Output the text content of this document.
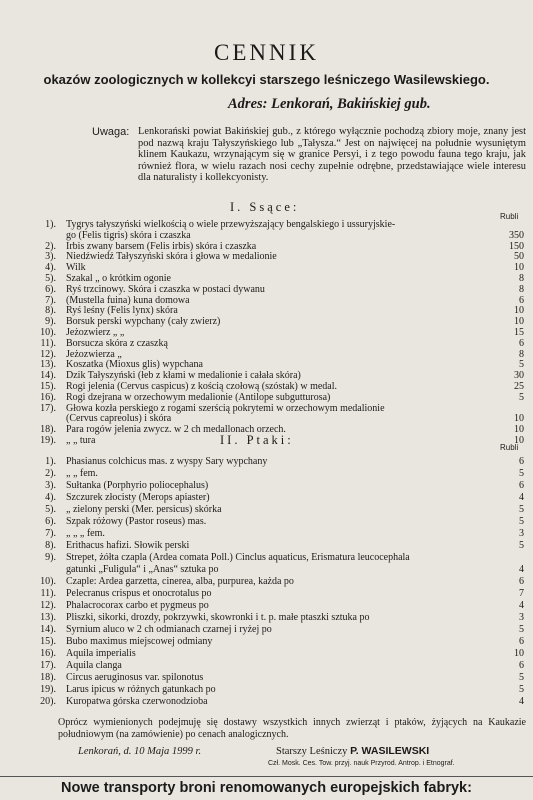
CENNIK
okazów zoologicznych w kollekcyi starszego leśniczego Wasilewskiego.
Adres: Lenkorań, Bakińskiej gub.
Uwaga: Lenkorański powiat Bakińskiej gub., z którego wyłącznie pochodzą zbiory moje, znany jest pod nazwą kraju Tałyszyńskiego lub „Tałysza.“ Jest on najwięcej na południe wysuniętym klinem Kaukazu, wrzynającym się w granice Persyi, i z tego powodu fauna tego kraju, jak również flora, w wielu razach nosi cechy zupełnie odrębne, przedstawiające wiele interesu dla naturalisty i kollekcyonisty.
I. Ssące:
Rubli
1). Tygrys tałyszyński wielkością o wiele przewyższający bengalskiego i ussuryjskie-
go (Felis tigris) skóra i czaszka	350
2). Irbis zwany barsem (Felis irbis) skóra i czaszka	150
3). Niedźwiedź Tałyszyński skóra i głowa w medalionie	50
4). Wilk	10
5). Szakal „ o krótkim ogonie	8
6). Ryś trzcinowy. Skóra i czaszka w postaci dywanu	8
7). (Mustella fuina) kuna domowa	6
8). Ryś leśny (Felis lynx) skóra	10
9). Borsuk perski wypchany (cały zwierz)	10
10). Jeżozwierz „ „	15
11). Borsucza skóra z czaszką	6
12). Jeżozwierza „	8
13). Koszatka (Mioxus glis) wypchana	5
14). Dzik Tałyszyński (łeb z kłami w medalionie i całała skóra)	30
15). Rogi jelenia (Cervus caspicus) z kością czołową (szóstak) w medal.	25
16). Rogi dzejrana w orzechowym medalionie (Antilope subgutturosa)	5
17). Głowa kozła perskiego z rogami szerścią pokrytemi w orzechowym medalionie
(Cervus capreolus) i skóra	10
18). Para rogów jelenia zwycz. w 2 ch medallonach orzech.	10
19). „ „ tura	10
II. Ptaki:
Rubli
1). Phasianus colchicus mas. z wyspy Sary wypchany	6
2). „ „ fem.	5
3). Sułtanka (Porphyrio poliocephalus)	6
4). Szczurek złocisty (Merops apiaster)	4
5). „ zielony perski (Mer. persicus) skórka	5
6). Szpak różowy (Pastor roseus) mas.	5
7). „ „ „ fem.	3
8). Erithacus hafizi. Słowik perski	5
9). Strepet, żółta czapla (Ardea comata Poll.) Cinclus aquaticus, Erismatura leucocephala
gatunki „Fuligula“ i „Anas“ sztuka po	4
10). Czaple: Ardea garzetta, cinerea, alba, purpurea, każda po	6
11). Pelecranus crispus et onocrotalus po	7
12). Phalacrocorax carbo et pygmeus po	4
13). Pliszki, sikorki, drozdy, pokrzywki, skowronki i t. p. małe ptaszki sztuka po	3
14). Syrnium aluco w 2 ch odmianach czarnej i ryżej po	5
15). Bubo maximus miejscowej odmiany	6
16). Aquila imperialis	10
17). Aquila clanga	6
18). Circus aeruginosus var. spilonotus	5
19). Larus ipicus w różnych gatunkach po	5
20). Kuropatwa górska czerwonodzioba	4
Oprócz wymienionych podejmuję się dostawy wszystkich innych zwierząt i ptaków, żyjących na Kaukazie południowym (na zamówienie) po cenach analogicznych.
Lenkorań, d. 10 Maja 1999 r.	Starszy Leśniczy P. WASILEWSKI
Czł. Mosk. Ces. Tow. przyj. nauk Przyrod. Antrop. i Etnograf.
Nowe transporty broni renomowanych europejskich fabryk:
